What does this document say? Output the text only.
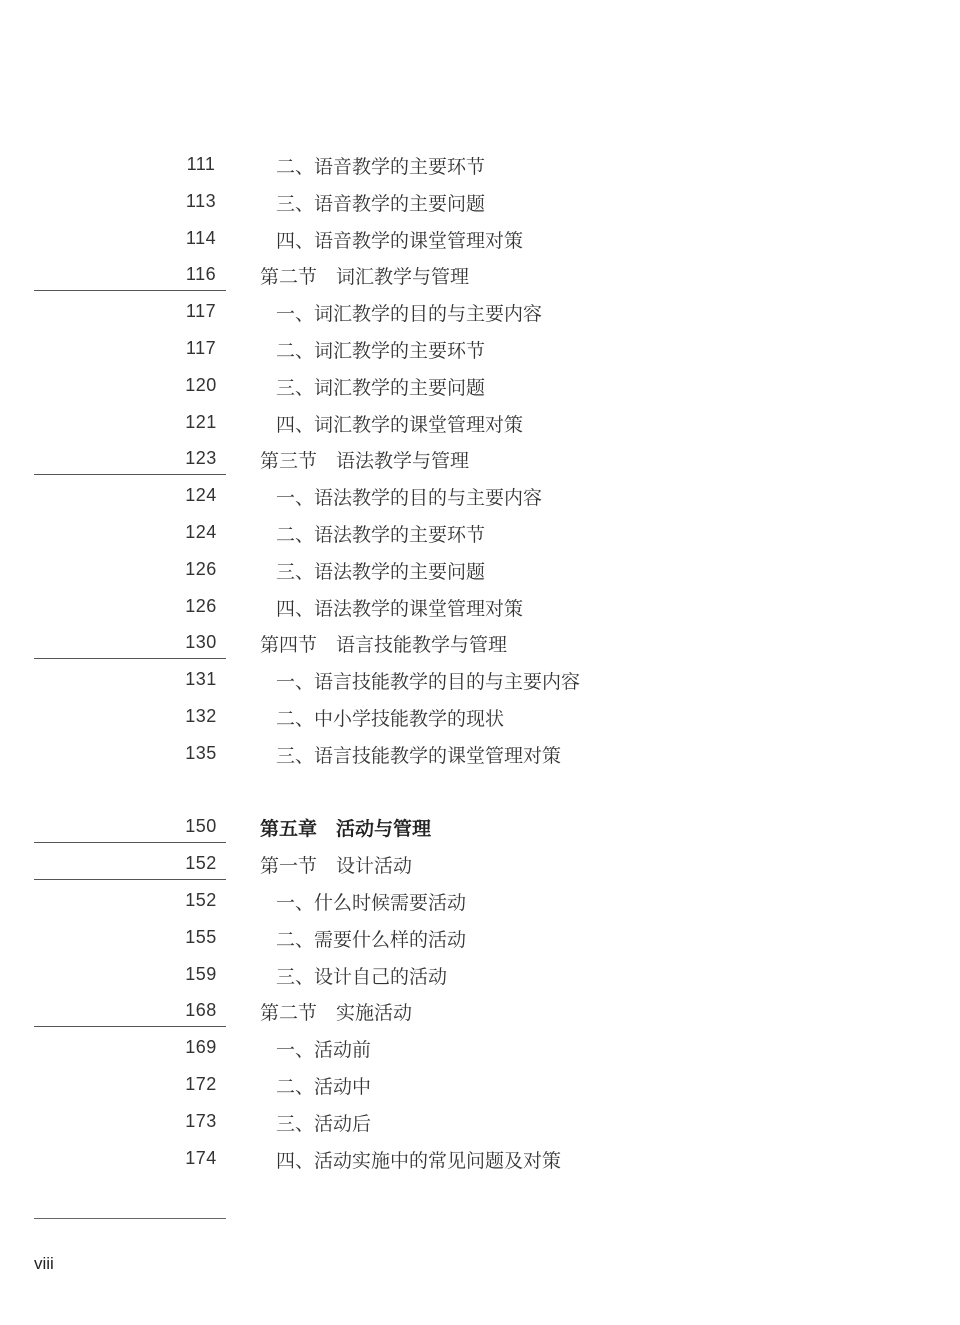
111	二、语音教学的主要环节
113	三、语音教学的主要问题
114	四、语音教学的课堂管理对策
116	第二节　词汇教学与管理
117	一、词汇教学的目的与主要内容
117	二、词汇教学的主要环节
120	三、词汇教学的主要问题
121	四、词汇教学的课堂管理对策
123	第三节　语法教学与管理
124	一、语法教学的目的与主要内容
124	二、语法教学的主要环节
126	三、语法教学的主要问题
126	四、语法教学的课堂管理对策
130	第四节　语言技能教学与管理
131	一、语言技能教学的目的与主要内容
132	二、中小学技能教学的现状
135	三、语言技能教学的课堂管理对策
150	第五章　活动与管理
152	第一节　设计活动
152	一、什么时候需要活动
155	二、需要什么样的活动
159	三、设计自己的活动
168	第二节　实施活动
169	一、活动前
172	二、活动中
173	三、活动后
174	四、活动实施中的常见问题及对策
viii
